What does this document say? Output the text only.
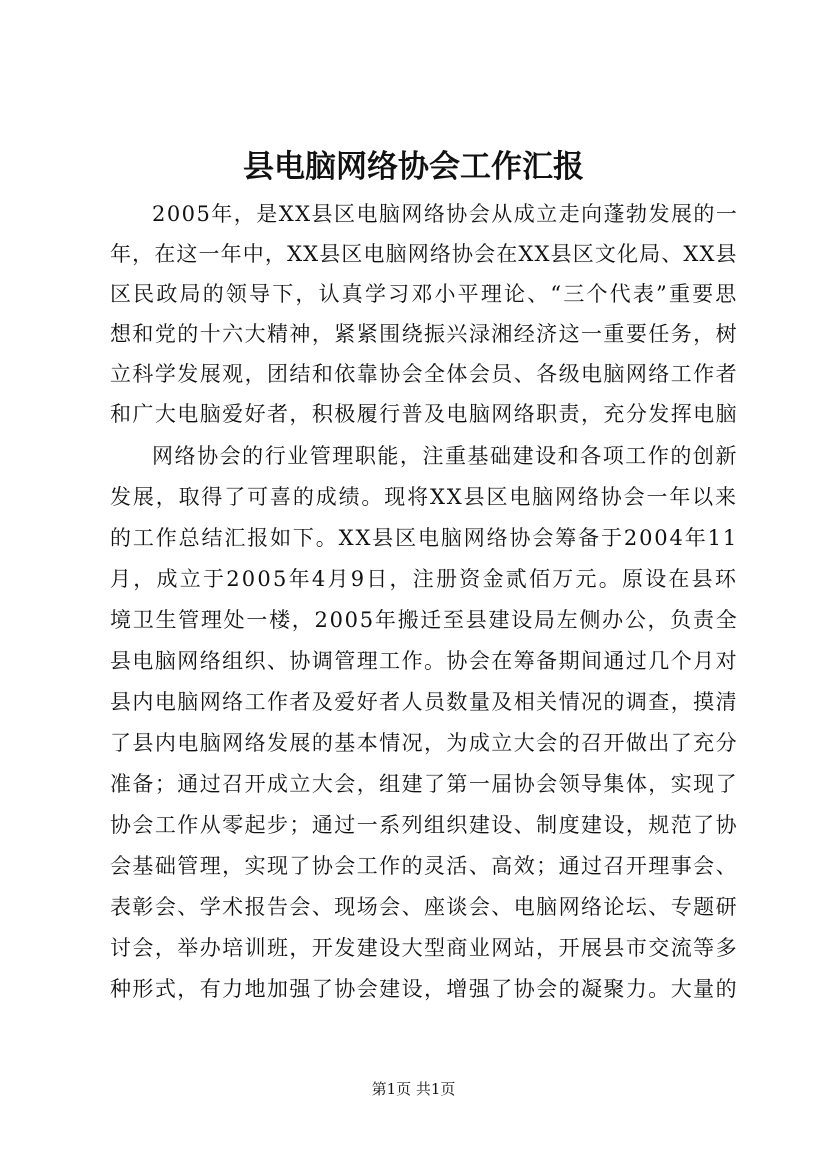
县电脑网络协会工作汇报
2005年，是XX县区电脑网络协会从成立走向蓬勃发展的一
年，在这一年中，XX县区电脑网络协会在XX县区文化局、XX县
区民政局的领导下，认真学习邓小平理论、“三个代表”重要思
想和党的十六大精神，紧紧围绕振兴渌湘经济这一重要任务，树
立科学发展观，团结和依靠协会全体会员、各级电脑网络工作者
和广大电脑爱好者，积极履行普及电脑网络职责，充分发挥电脑
网络协会的行业管理职能，注重基础建设和各项工作的创新
发展，取得了可喜的成绩。现将XX县区电脑网络协会一年以来
的工作总结汇报如下。XX县区电脑网络协会筹备于2004年11
月，成立于2005年4月9日，注册资金贰佰万元。原设在县环
境卫生管理处一楼，2005年搬迁至县建设局左侧办公，负责全
县电脑网络组织、协调管理工作。协会在筹备期间通过几个月对
县内电脑网络工作者及爱好者人员数量及相关情况的调查，摸清
了县内电脑网络发展的基本情况，为成立大会的召开做出了充分
准备；通过召开成立大会，组建了第一届协会领导集体，实现了
协会工作从零起步；通过一系列组织建设、制度建设，规范了协
会基础管理，实现了协会工作的灵活、高效；通过召开理事会、
表彰会、学术报告会、现场会、座谈会、电脑网络论坛、专题研
讨会，举办培训班，开发建设大型商业网站，开展县市交流等多
种形式，有力地加强了协会建设，增强了协会的凝聚力。大量的
第1页 共1页
